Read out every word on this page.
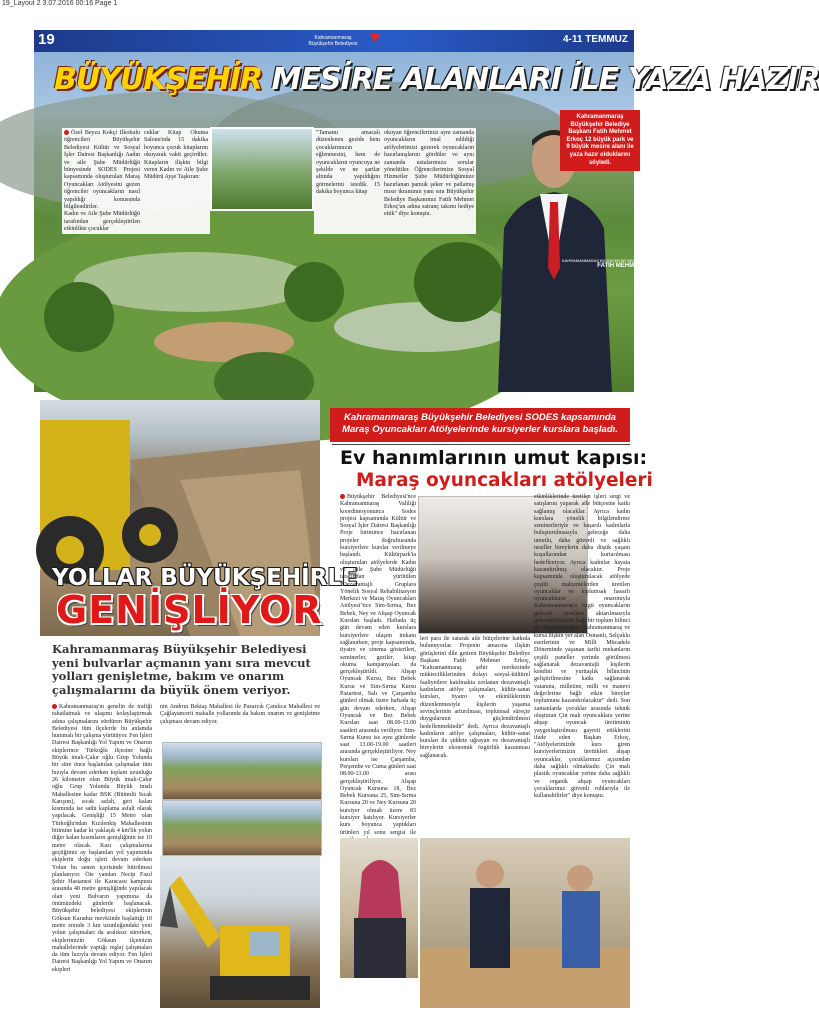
19_Layout 2 3.07.2016 00:16 Page 1
19	Kahramanmaraş
Büyükşehir Belediyesi	4-11 TEMMUZ
BÜYÜKŞEHİR MESİRE ALANLARI İLE YAZA HAZIR
Özel Beyza Kokçi Ilkokulu öğrencileri Büyükşehir Belediyesi Kültür ve Sosyal İşler Dairesi Başkanlığı Aadın ve aile Şube Müdürlüğü bünyesinde SODES Projesi kapsamında oluşturulan Maraş Oyuncakları Atölyesini gezen öğrenciler oyuncakların nasıl yapıldığı konusunda bilgilendiriler.
Kadın ve Aile Şube Müdürlüğü tarafından gerçekleştirilen etkinlikte çocuklar
cuklar Kitap Okuma Salonu'nda 15 dakika boyunca çocuk kitaplarını okuyarak vakit geçirdiler. Kitapların ilişkin bilgi veren Kadın ve Aile Şube Müdürü Ayşe Taşkıran:
"Tamamı amacalı düzenlenen gezide hem çocuklarımızın eğlenmesini, hem de oyuncakların oyuncuya ne şekilde ve ne şartlar altında yapıldığını görmelerini istedik. 15 dakika boyunca kitap
okuyan öğrencilerimiz aynı zamanda oyuncakların imal edildiği atölyelerimizi gezerek oyuncakların hazırlanışlarını gördüler ve aynı zamanda ustalarımıza sorular yönelttiler. Öğrencilerimize Sosyal Hizmetler Şube Müdürlüğümüze hazırlanan pamuk şeker ve patlamış mısır ikramının yanı sıra Büyükşehir Belediye Başkanımız Fatih Mehmet Erkoç'un adına satranç takımı hediye ettik" diye konuştu.
Kahramanmaraş Büyükşehir Belediye Başkanı Fatih Mehmet Erkoç 12 büyük park ve 9 büyük mesire alanı ile yaza hazır olduklarını söyledi.
KAHRAMANMARAŞ BÜYÜKŞEHİR BELEDİYE BAŞKANI
FATİH MEHMET ERKOÇ
YOLLAR BÜYÜKŞEHİRLE
GENİŞLİYOR
Kahramanmaraş Büyükşehir Belediyesi yeni bulvarlar açmanın yanı sıra mevcut yolları genişletme, bakım ve onarım çalışmalarını da büyük önem veriyor.
Kahramanmaraş'ın genelin de trafiği rahatlatmak ve ulaşımı kolaylaştırmak adına çalışmalarını sürdüren Büyükşehir Belediyesi tüm ilçelerde bu anlamda hummalı bir çalışma yürütüyor. Fen İşleri Dairesi Başkanlığı Yol Yapım ve Onarım ekiplerince Türkoğlu ilçesine bağlı Büyük imalı-Çakır oğlu Grup Yolunda bir süre önce başlanılan çalışmalar tüm hızıyla devam ederken toplam uzunluğu 26 kilometre olan Büyük imalı-Çakır oğlu Grup Yolunda Büyük imalı Mahallesine kadar BSK (Bitümlü Sıcak Karışım), sıcak asfalt, geri kalan kısmında ise sathi kaplama asfalt olarak yapılacak. Genişliği 15 Metre olan Türkoğlu'ndan Kızılenkiş Mahallesinin bitimine kadar ki yaklaşık 4 km'lik yolun diğer kalan kısımların genişliğinin ise 10 metre olacak. Kazı çalışmalarına geçtiğimiz ay başlanılan yol yapımında ekiplerin doğu işleri devam ederken Yolun bu senen içerisinde bitirilmesi planlanıyor. Öte yandan Necip Fazıl Şehir Hastanesi ile Karacasu kampusu arasında 40 metre genişliğinde yapılacak olan yeni Bulvarın yapımına da önümüzdeki günlerde başlanacak. Büyükşehir belediyesi ekiplerinin Göksun Karaduz mevkiinde başlattığı 10 metre eninde 3 km uzunluğundaki yeni yolun çalışmaları da aralıksız sürerken, ekiplerimizin Göksun ilçemizin mahallelerinde yaptığı reglaj çalışmaları da tüm hızıyla devam ediyor. Fen İşleri Dairesi Başkanlığı Yol Yapım ve Onarım ekipleri
nin Andırın Bektaş Mahallesi ile Pazarcık Çamlıca Mahallesi ve Çağlayancerit mahalle yollarında da bakım onarım ve genişletme çalışması devam ediyor.
Kahramanmaraş Büyükşehir Belediyesi SODES kapsamında Maraş Oyuncakları Atölyelerinde kursiyerler kurslara başladı.
Ev hanımlarının umut kapısı:
Maraş oyuncakları atölyeleri
Büyükşehir Belediyesi'nce Kahramanmaraş Valiliği koordinesyonunca Sodes projesi kapsamında Kültür ve Sosyal İşler Dairesi Başkanlığı Proje birimince hazırlanan projeler doğrultusunda kursiyerlere kurslar verilmeye başlandı. Kültürpark'ta oluşturulan atölyelerde Kadın ve Aile Şube Müdürlüğü tarafından yürütülen "Dezavantajlı Gruplara Yönelik Sosyal Rehabilitasyon Merkezi ve Maraş Oyuncakları Atölyesi"nce Sim-Sırma, Bez Bebek, Ney ve Ahşap Oyuncak Kursları başladı. Haftada üç gün devam eden kurslara kursiyerlere ulaşım imkanı sağlanırken, proje kapsamında, tiyatro ve sinema gösterileri, seminerler, geziler, kitap okuma kampanyaları da gerçekleştirildi. Ahşap Oyuncak Kursu, Bez Bebek Kursu ve Sim-Sırma Kursu Pazartesi, Salı ve Çarşamba günleri olmak üzere haftada üç gün devam ederken, Ahşap Oyuncak ve Bez Bebek Kursları saat 08.00-13.00 saatleri arasında veriliyor. Sim-Sırma Kursu ise aynı günlerde saat 13.00-19.00 saatleri arasında gerçekleştiriliyor. Ney kursları ise Çarşamba, Perşembe ve Cuma günleri saat 08.00-13.00 arası gerçekleştiriliyor. Ahşap Oyuncak Kursuna 18, Bez Bebek Kursuna 25, Sim-Sırma Kursuna 20 ve Ney Kursuna 20 kursiyer olmak üzere 83 kursiyer katılıyor. Kursiyerler kurs boyunca yaptıkları ürünleri yıl sonu sergisi ile
leri para ile satarak aile bütçelerine katkıda bulunuyorlar. Projenin amacına ilişkin görüşlerini dile getiren Büyükşehir Belediye Başkanı Fatih Mehmet Erkoç, "Kahramanmaraş şehir merkezinde mükteciliklerinden dolayı sosyal-kültürel faaliyetlere katılmakta zorlanan dezavantajlı kadınların atölye çalışmaları, kültür-sanat kursları, tiyatro ve etkinliklerinin düzenlenmesiyle kişilerin yaşama sevinçlerinin arttırılması, toplumsal süreçte duygularının güçlendirilmesi hedeflenmektedir" dedi. Ayrıca dezavantajlı kadınların atölye çalışmaları, kültür-sanat kursları ile şiddete uğrayan ve dezavantajlı bireylerin ekonomik özgürlük kazanması sağlanacak.
etkinliklerinde üretilen işleri sergi ve satışlarını yaparak aile bütçesine katkı sağlamış olacaklar. Ayrıca kadın kurslara yönelik bilgilendirme seminerleriyle ve başarılı kadınlarla buluşturulmasıyla geleceğe daha umutlu, daha güvenli ve sağlıklı nesiller bireylerin daha düşük yaşam koşullarından kurtarılması hedefleniyor. Ayrıca kadınlar hayata kazandırılmış olacaktır. Proje kapsamında oluşturulacak atölyede çeşitli malzemelerden üretilen oyuncaklar ve toplumsak hasarlı oyuncakların onarımıyla Kahramanmaraş'a özgü oyuncakların gelecek nesillere aktarılmasıyla geleneklerimizin bağı bir toplum bilinci de oluşturulacaktır. Kahramanmaraş ve kursa ilişkin yer alan Osmanlı, Selçuklu eserlerinin ve Milli Mücadele Döneminde yaşanan tarihi mekanların çeşitli paneller yerinde görülmesi sağlanarak dezavantajlı kişilerin kendini ve yurttaşlık bilincinin geliştirilmesine katkı sağlanarak vatanına, milletine, milli ve manevi değerlerine bağlı etkin bireyler toplumuna kazandırılacaktır" dedi. Son zamanlarda çocuklar arasında teknik oluşturan Çin malı oyuncaklara yerine ahşap oyuncak üretiminin yaygınlaştırılması gayreti ettiklerini ifade eden Başkan Erkoç, "Atölyelerimizde kurs giren kursiyerlerimizin ürettikleri ahşap oyuncaklar, çocuklarımız açısından daha sağlıklı olmaktadır. Çin malı plastik oyuncaklar yerine daha sağlıklı ve organik ahşap oyuncakları çocuklarımız güvenli ruhlarıyla ile kullanabilirler" diye konuştu.
